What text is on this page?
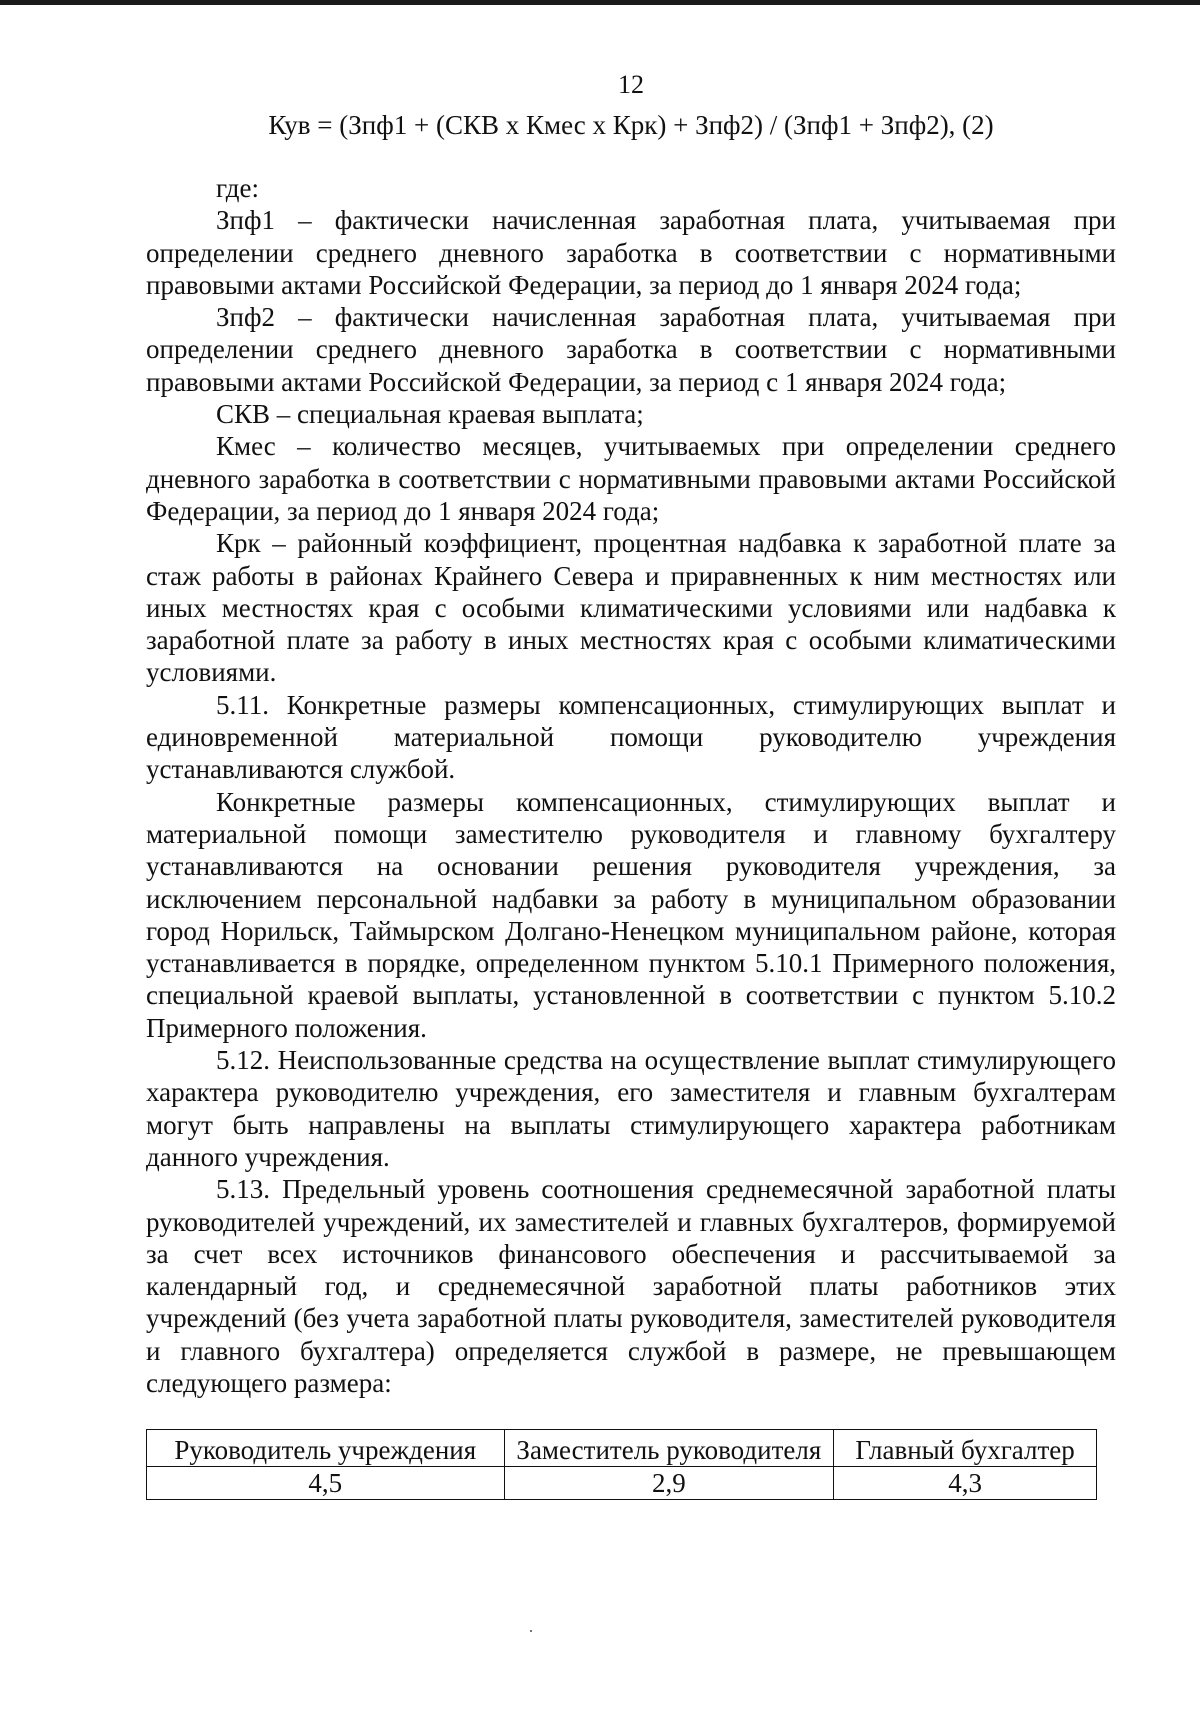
12
Кув = (Зпф1 + (СКВ х Кмес х Крк) + Зпф2) / (Зпф1 + Зпф2), (2)

где:

Зпф1 – фактически начисленная заработная плата, учитываемая при определении среднего дневного заработка в соответствии с нормативными правовыми актами Российской Федерации, за период до 1 января 2024 года;

Зпф2 – фактически начисленная заработная плата, учитываемая при определении среднего дневного заработка в соответствии с нормативными правовыми актами Российской Федерации, за период с 1 января 2024 года;

СКВ – специальная краевая выплата;

Кмес – количество месяцев, учитываемых при определении среднего дневного заработка в соответствии с нормативными правовыми актами Российской Федерации, за период до 1 января 2024 года;

Крк – районный коэффициент, процентная надбавка к заработной плате за стаж работы в районах Крайнего Севера и приравненных к ним местностях или иных местностях края с особыми климатическими условиями или надбавка к заработной плате за работу в иных местностях края с особыми климатическими условиями.

5.11. Конкретные размеры компенсационных, стимулирующих выплат и единовременной материальной помощи руководителю учреждения устанавливаются службой.

Конкретные размеры компенсационных, стимулирующих выплат и материальной помощи заместителю руководителя и главному бухгалтеру устанавливаются на основании решения руководителя учреждения, за исключением персональной надбавки за работу в муниципальном образовании город Норильск, Таймырском Долгано-Ненецком муниципальном районе, которая устанавливается в порядке, определенном пунктом 5.10.1 Примерного положения, специальной краевой выплаты, установленной в соответствии с пунктом 5.10.2 Примерного положения.

5.12. Неиспользованные средства на осуществление выплат стимулирующего характера руководителю учреждения, его заместителя и главным бухгалтерам могут быть направлены на выплаты стимулирующего характера работникам данного учреждения.

5.13. Предельный уровень соотношения среднемесячной заработной платы руководителей учреждений, их заместителей и главных бухгалтеров, формируемой за счет всех источников финансового обеспечения и рассчитываемой за календарный год, и среднемесячной заработной платы работников этих учреждений (без учета заработной платы руководителя, заместителей руководителя и главного бухгалтера) определяется службой в размере, не превышающем следующего размера:

Руководитель учреждения	Заместитель руководителя	Главный бухгалтер
4,5	2,9	4,3
